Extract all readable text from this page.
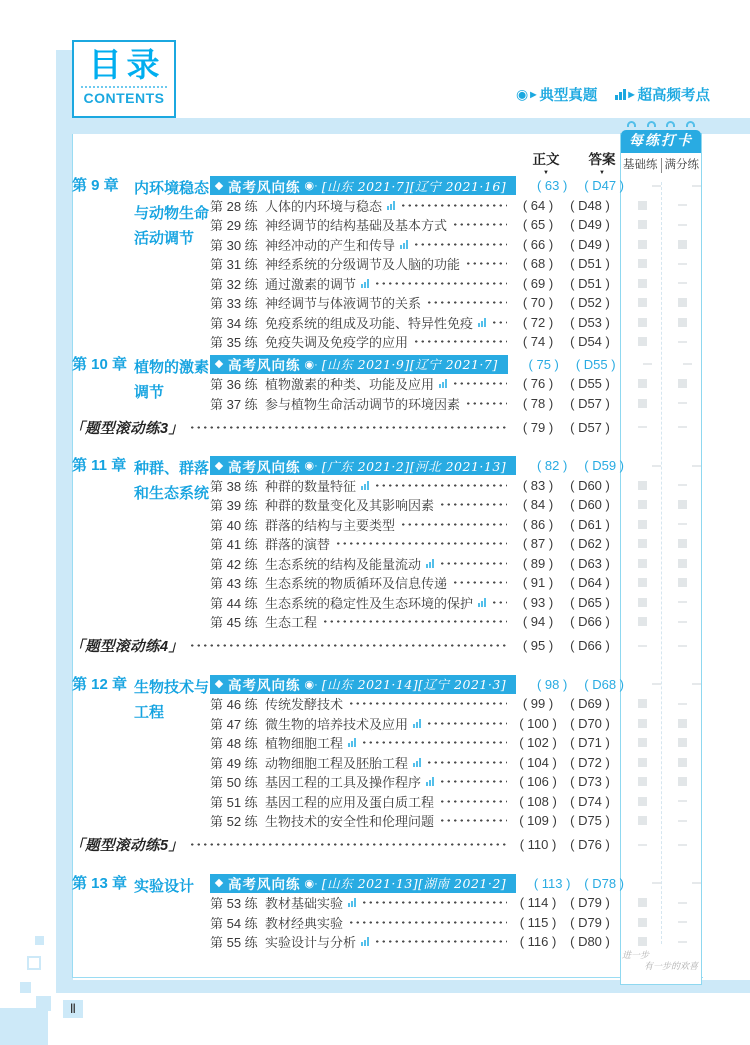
Ⅱ
目录
CONTENTS	◉ ▶ 典型真题	▶ 超高频考点
正文
▼
答案
▼
每练打卡
基础练 满分练
进一步
有一步的欢喜
第 9 章	内环境稳态
与动物生命
活动调节
高考风向练 ◉· [山东 2021·7][辽宁 2021·16]	( 63 )	( D47 )
第 28 练 人体的内环境与稳态	( 64 )	( D48 )
第 29 练 神经调节的结构基础及基本方式	( 65 )	( D49 )
第 30 练 神经冲动的产生和传导	( 66 )	( D49 )
第 31 练 神经系统的分级调节及人脑的功能	( 68 )	( D51 )
第 32 练 通过激素的调节	( 69 )	( D51 )
第 33 练 神经调节与体液调节的关系	( 70 )	( D52 )
第 34 练 免疫系统的组成及功能、特异性免疫	( 72 )	( D53 )
第 35 练 免疫失调及免疫学的应用	( 74 )	( D54 )
第 10 章 植物的激素
调节
高考风向练 ◉· [山东 2021·9][辽宁 2021·7]	( 75 )	( D55 )
第 36 练 植物激素的种类、功能及应用	( 76 )	( D55 )
第 37 练 参与植物生命活动调节的环境因素	( 78 )	( D57 )
「题型滚动练3」	( 79 )	( D57 )
第 11 章 种群、群落
和生态系统
高考风向练 ◉· [广东 2021·2][河北 2021·13]	( 82 )	( D59 )
第 38 练 种群的数量特征	( 83 )	( D60 )
第 39 练 种群的数量变化及其影响因素	( 84 )	( D60 )
第 40 练 群落的结构与主要类型	( 86 )	( D61 )
第 41 练 群落的演替	( 87 )	( D62 )
第 42 练 生态系统的结构及能量流动	( 89 )	( D63 )
第 43 练 生态系统的物质循环及信息传递	( 91 )	( D64 )
第 44 练 生态系统的稳定性及生态环境的保护	( 93 )	( D65 )
第 45 练 生态工程	( 94 )	( D66 )
「题型滚动练4」	( 95 )	( D66 )
第 12 章 生物技术与
工程
高考风向练 ◉· [山东 2021·14][辽宁 2021·3]	( 98 )	( D68 )
第 46 练 传统发酵技术	( 99 )	( D69 )
第 47 练 微生物的培养技术及应用	( 100 )	( D70 )
第 48 练 植物细胞工程	( 102 )	( D71 )
第 49 练 动物细胞工程及胚胎工程	( 104 )	( D72 )
第 50 练 基因工程的工具及操作程序	( 106 )	( D73 )
第 51 练 基因工程的应用及蛋白质工程	( 108 )	( D74 )
第 52 练 生物技术的安全性和伦理问题	( 109 )	( D75 )
「题型滚动练5」	( 110 )	( D76 )
第 13 章 实验设计	高考风向练 ◉· [山东 2021·13][湖南 2021·2]	( 113 )	( D78 )
第 53 练 教材基础实验	( 114 )	( D79 )
第 54 练 教材经典实验	( 115 )	( D79 )
第 55 练 实验设计与分析	( 116 )	( D80 )
